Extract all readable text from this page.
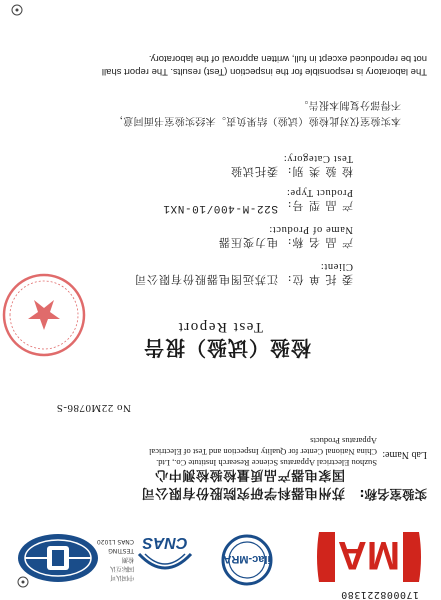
170008221380
MA
ilac-MRA
CNAS
中国认可
国际互认
检测
TESTING
CNAS L1020
实验室名称:
苏州电器科学研究院股份有限公司
国家电器产品质量检验检测中心
Lab Name:
Suzhou Electrical Apparatus Science Research Institute Co., Ltd.
China National Center for Quality Inspection and Test of Electrical
Apparatus Products
No 22M0786-S
检验（试验）报告
Test Report
委 托 单 位:
Client:
江苏远图电器股份有限公司
产 品 名 称:
Name of Product:
电力变压器
产 品 型 号:
Product Type:
S22-M-400/10-NX1
检 验 类 别:
Test Category:
委托试验
本实验室仅对此检验（试验）结果负责。未经实验室书面同意，
不得部分复制本报告。
The laboratory is responsible for the inspection (Test) results. The report shall
not be reproduced except in full, written approval of the laboratory.
